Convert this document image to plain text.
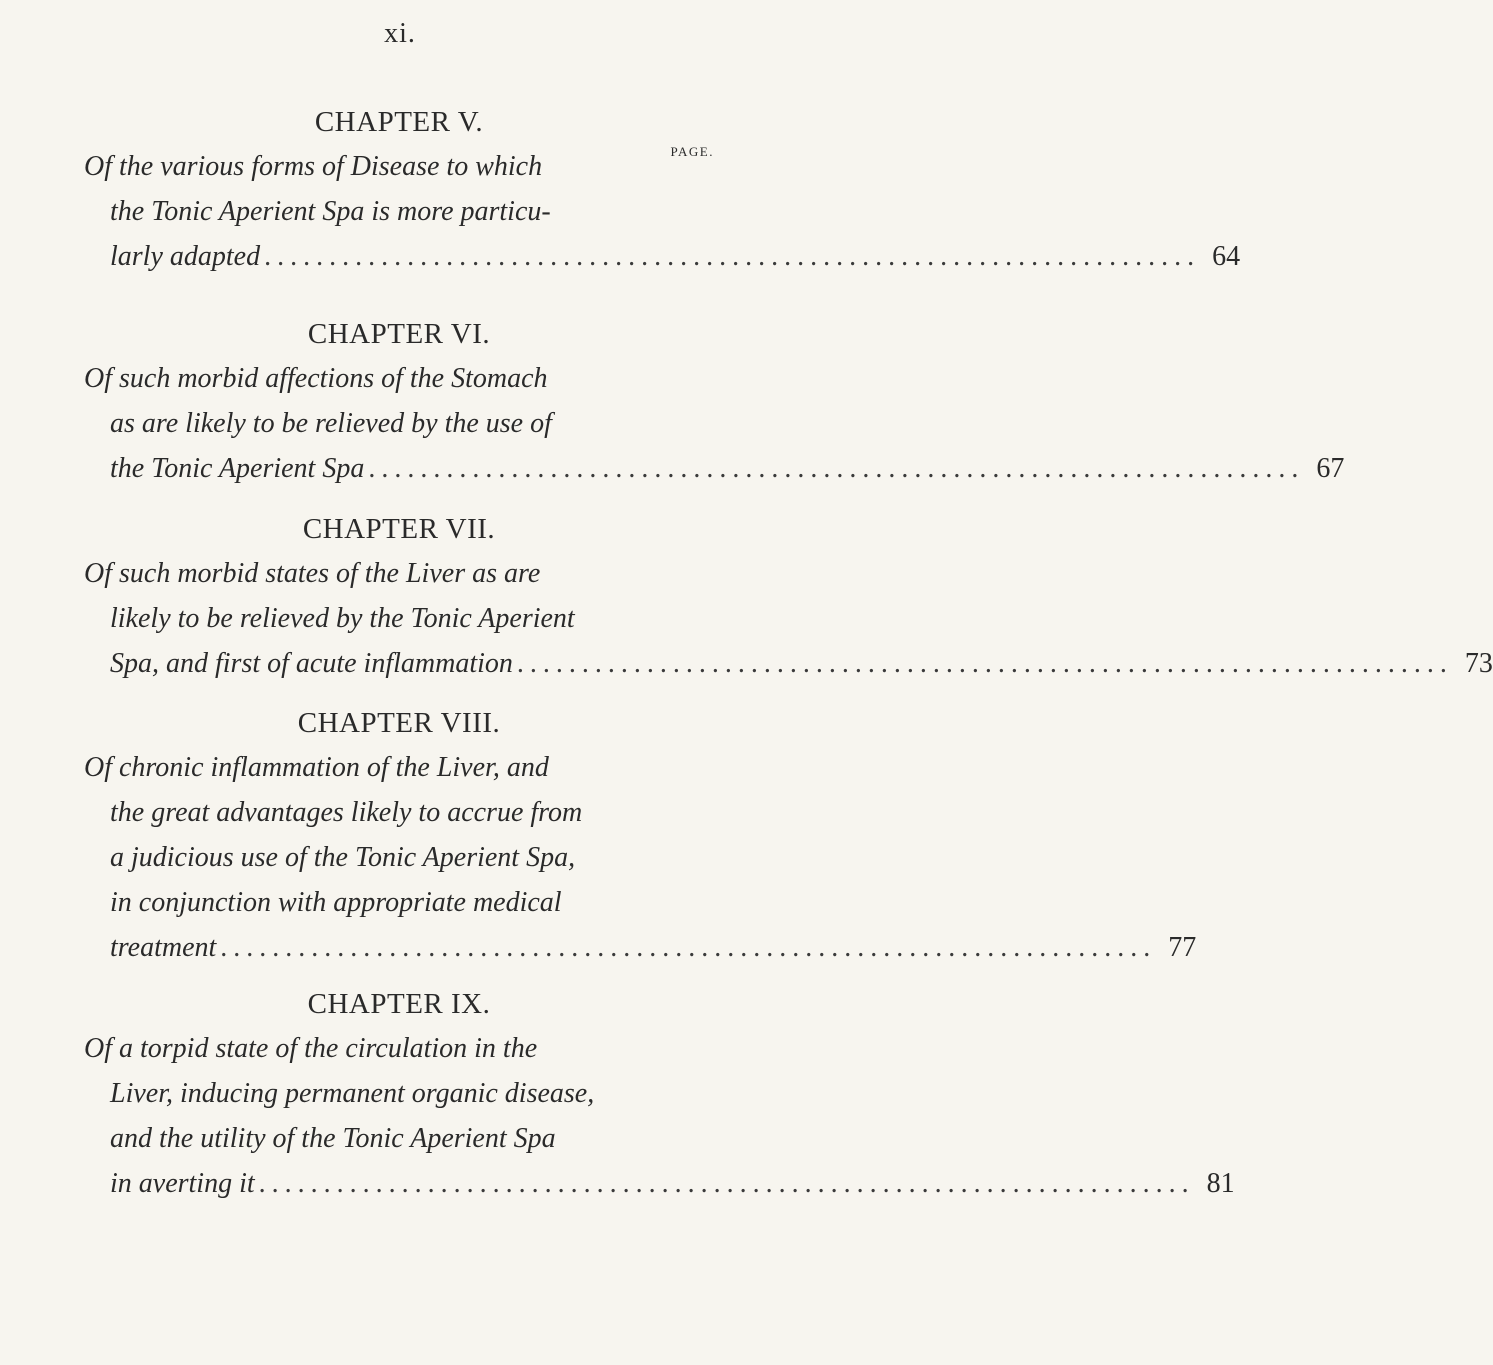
xi.
CHAPTER V.
PAGE.
Of the various forms of Disease to which
the Tonic Aperient Spa is more particu-
larly adapted ........................................................................ 64
CHAPTER VI.
Of such morbid affections of the Stomach
as are likely to be relieved by the use of
the Tonic Aperient Spa ........................................................................ 67
CHAPTER VII.
Of such morbid states of the Liver as are
likely to be relieved by the Tonic Aperient
Spa, and first of acute inflammation ........................................................................ 73
CHAPTER VIII.
Of chronic inflammation of the Liver, and
the great advantages likely to accrue from
a judicious use of the Tonic Aperient Spa,
in conjunction with appropriate medical
treatment ........................................................................ 77
CHAPTER IX.
Of a torpid state of the circulation in the
Liver, inducing permanent organic disease,
and the utility of the Tonic Aperient Spa
in averting it ........................................................................ 81
